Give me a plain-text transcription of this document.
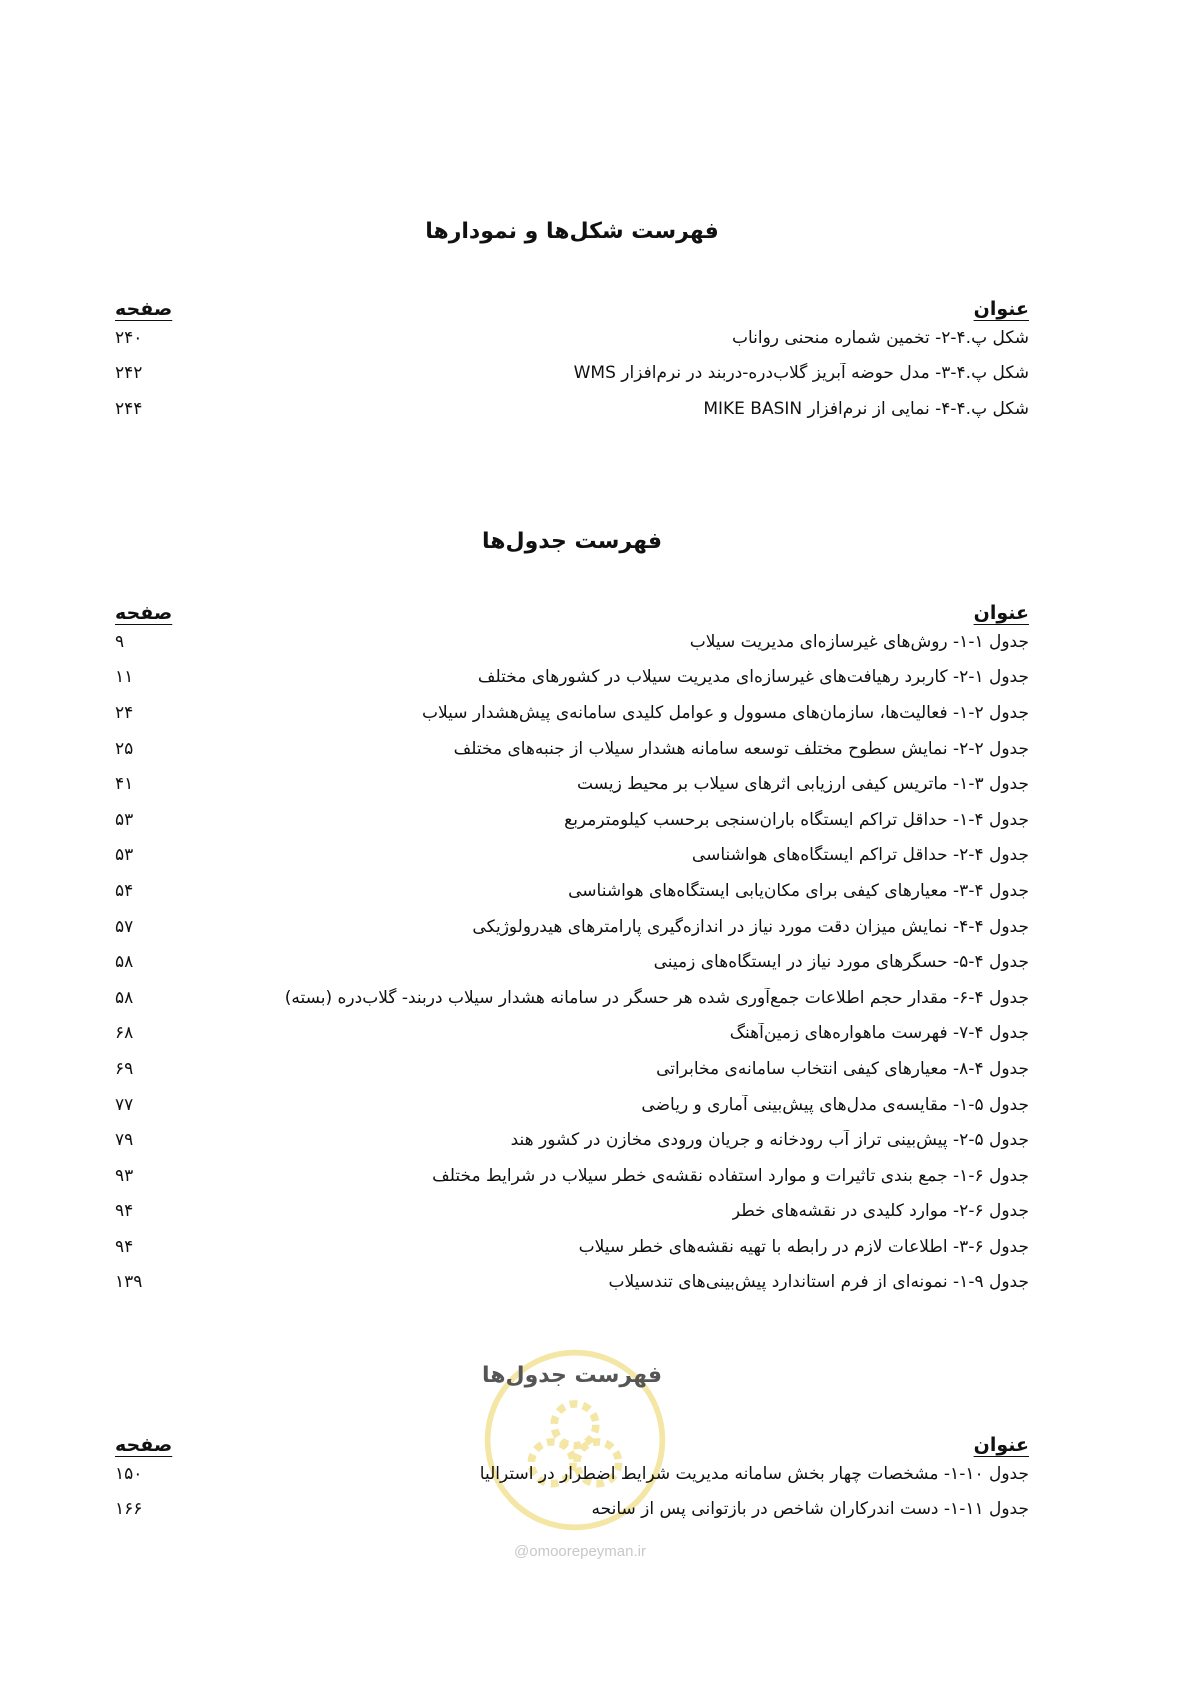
فهرست شکل‌ها و نمودارها
عنوان
صفحه
شکل پ.۴-۲- تخمین شماره منحنی رواناب
۲۴۰
شکل پ.۴-۳- مدل حوضه آبریز گلاب‌دره-دربند در نرم‌افزار WMS
۲۴۲
شکل پ.۴-۴- نمایی از نرم‌افزار MIKE BASIN
۲۴۴
فهرست جدول‌ها
عنوان
صفحه
جدول ۱-۱- روش‌های غیرسازه‌ای مدیریت سیلاب
۹
جدول ۱-۲- کاربرد رهیافت‌های غیرسازه‌ای مدیریت سیلاب در کشورهای مختلف
۱۱
جدول ۲-۱- فعالیت‌ها، سازمان‌های مسوول و عوامل کلیدی سامانه‌ی پیش‌هشدار سیلاب
۲۴
جدول ۲-۲- نمایش سطوح مختلف توسعه سامانه هشدار سیلاب از جنبه‌های مختلف
۲۵
جدول ۳-۱- ماتریس کیفی ارزیابی اثرهای سیلاب بر محیط زیست
۴۱
جدول ۴-۱- حداقل تراکم ایستگاه باران‌سنجی برحسب کیلومترمربع
۵۳
جدول ۴-۲- حداقل تراکم ایستگاه‌های هواشناسی
۵۳
جدول ۴-۳- معیارهای کیفی برای مکان‌یابی ایستگاه‌های هواشناسی
۵۴
جدول ۴-۴- نمایش میزان دقت مورد نیاز در اندازه‌گیری پارامترهای هیدرولوژیکی
۵۷
جدول ۴-۵- حسگرهای مورد نیاز در ایستگاه‌های زمینی
۵۸
جدول ۴-۶- مقدار حجم اطلاعات جمع‌آوری شده هر حسگر در سامانه هشدار سیلاب دربند- گلاب‌دره (بسته)
۵۸
جدول ۴-۷- فهرست ماهواره‌های زمین‌آهنگ
۶۸
جدول ۴-۸- معیارهای کیفی انتخاب سامانه‌ی مخابراتی
۶۹
جدول ۵-۱- مقایسه‌ی مدل‌های پیش‌بینی آماری و ریاضی
۷۷
جدول ۵-۲- پیش‌بینی تراز آب رودخانه و جریان ورودی مخازن در کشور هند
۷۹
جدول ۶-۱- جمع بندی تاثیرات و موارد استفاده نقشه‌ی خطر سیلاب در شرایط مختلف
۹۳
جدول ۶-۲- موارد کلیدی در نقشه‌های خطر
۹۴
جدول ۶-۳- اطلاعات لازم در رابطه با تهیه نقشه‌های خطر سیلاب
۹۴
جدول ۹-۱- نمونه‌ای از فرم استاندارد پیش‌بینی‌های تندسیلاب
۱۳۹
@omoorepeyman.ir
فهرست جدول‌ها
عنوان
صفحه
جدول ۱۰-۱- مشخصات چهار بخش سامانه مدیریت شرایط اضطرار در استرالیا
۱۵۰
جدول ۱۱-۱- دست اندرکاران شاخص در بازتوانی پس از سانحه
۱۶۶
